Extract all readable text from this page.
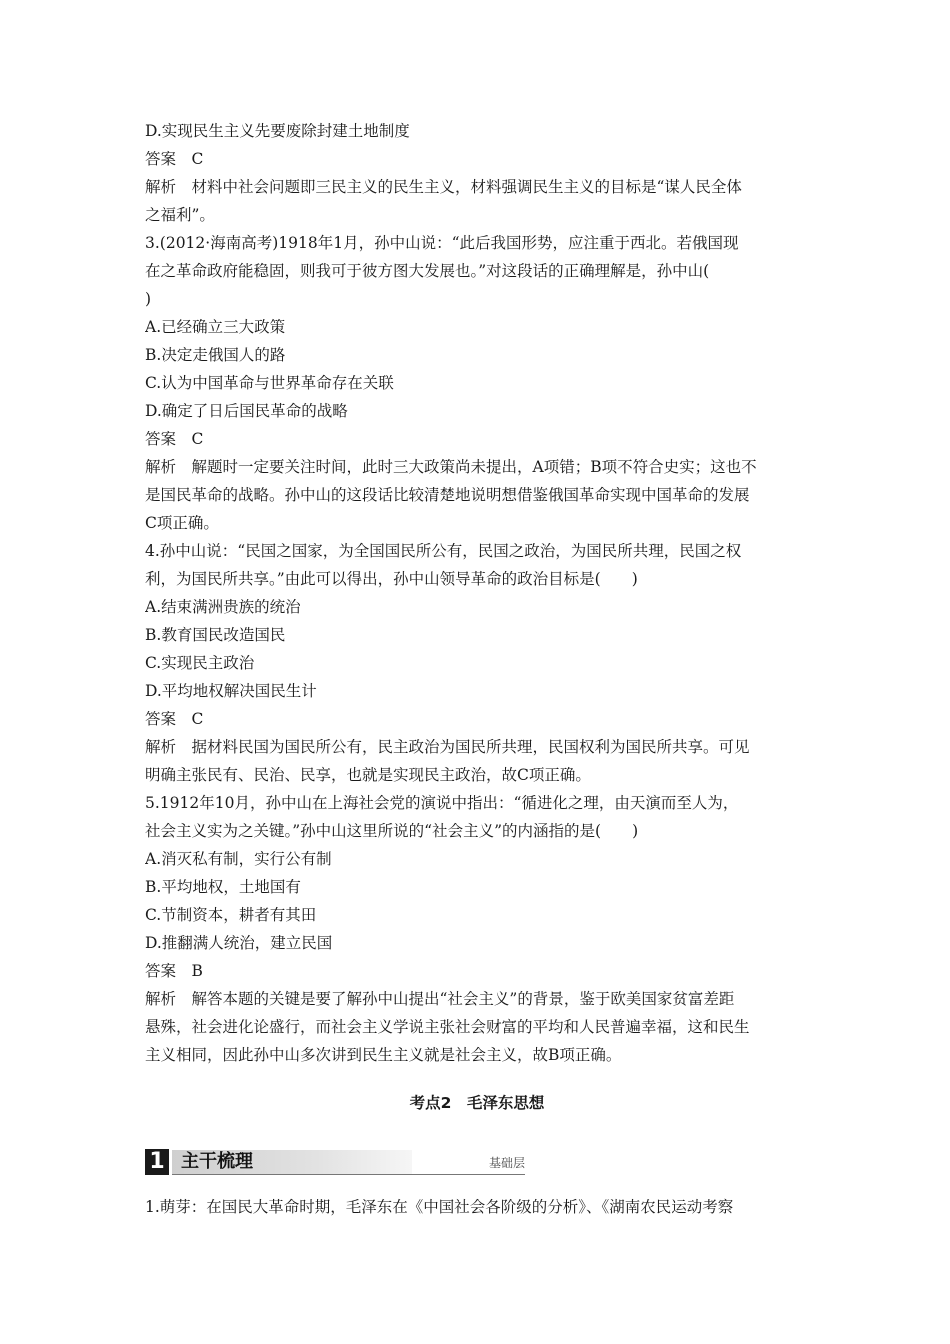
D.实现民生主义先要废除封建土地制度
答案　C
解析　材料中社会问题即三民主义的民生主义，材料强调民生主义的目标是“谋人民全体
之福利”。
3.(2012·海南高考)1918年1月，孙中山说：“此后我国形势，应注重于西北。若俄国现
在之革命政府能稳固，则我可于彼方图大发展也。”对这段话的正确理解是，孙中山(
)
A.已经确立三大政策
B.决定走俄国人的路
C.认为中国革命与世界革命存在关联
D.确定了日后国民革命的战略
答案　C
解析　解题时一定要关注时间，此时三大政策尚未提出，A项错；B项不符合史实；这也不
是国民革命的战略。孙中山的这段话比较清楚地说明想借鉴俄国革命实现中国革命的发展
C项正确。
4.孙中山说：“民国之国家，为全国国民所公有，民国之政治，为国民所共理，民国之权
利，为国民所共享。”由此可以得出，孙中山领导革命的政治目标是(　　)
A.结束满洲贵族的统治
B.教育国民改造国民
C.实现民主政治
D.平均地权解决国民生计
答案　C
解析　据材料民国为国民所公有，民主政治为国民所共理，民国权利为国民所共享。可见
明确主张民有、民治、民享，也就是实现民主政治，故C项正确。
5.1912年10月，孙中山在上海社会党的演说中指出：“循进化之理，由天演而至人为，
社会主义实为之关键。”孙中山这里所说的“社会主义”的内涵指的是(　　)
A.消灭私有制，实行公有制
B.平均地权，土地国有
C.节制资本，耕者有其田
D.推翻满人统治，建立民国
答案　B
解析　解答本题的关键是要了解孙中山提出“社会主义”的背景，鉴于欧美国家贫富差距
悬殊，社会进化论盛行，而社会主义学说主张社会财富的平均和人民普遍幸福，这和民生
主义相同，因此孙中山多次讲到民生主义就是社会主义，故B项正确。
考点2　毛泽东思想
1 主干梳理	基础层
1.萌芽：在国民大革命时期，毛泽东在《中国社会各阶级的分析》、《湖南农民运动考察
